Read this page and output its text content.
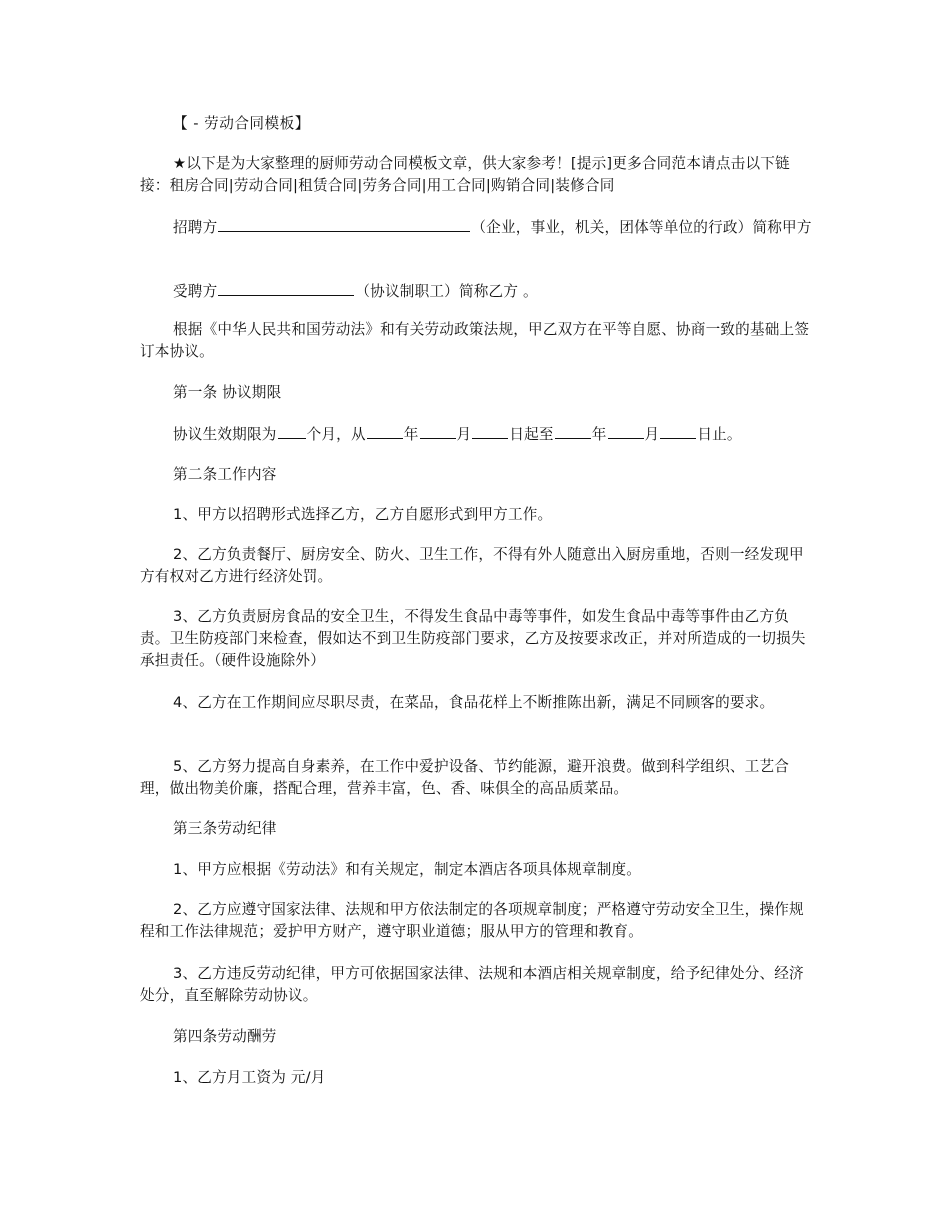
【 - 劳动合同模板】

★以下是为大家整理的厨师劳动合同模板文章，供大家参考！[提示]更多合同范本请点击以下链接：租房合同|劳动合同|租赁合同|劳务合同|用工合同|购销合同|装修合同

招聘方	（企业，事业，机关，团体等单位的行政）简称甲方

受聘方	（协议制职工）简称乙方 。

根据《中华人民共和国劳动法》和有关劳动政策法规，甲乙双方在平等自愿、协商一致的基础上签订本协议。

第一条 协议期限

协议生效期限为 个月，从	年	月	日起至	年	月	日止。

第二条工作内容

1、甲方以招聘形式选择乙方，乙方自愿形式到甲方工作。

2、乙方负责餐厅、厨房安全、防火、卫生工作，不得有外人随意出入厨房重地，否则一经发现甲方有权对乙方进行经济处罚。

3、乙方负责厨房食品的安全卫生，不得发生食品中毒等事件，如发生食品中毒等事件由乙方负责。卫生防疫部门来检查，假如达不到卫生防疫部门要求，乙方及按要求改正，并对所造成的一切损失承担责任。（硬件设施除外）

4、乙方在工作期间应尽职尽责，在菜品，食品花样上不断推陈出新，满足不同顾客的要求。

5、乙方努力提高自身素养，在工作中爱护设备、节约能源，避开浪费。做到科学组织、工艺合理，做出物美价廉，搭配合理，营养丰富，色、香、味俱全的高品质菜品。

第三条劳动纪律

1、甲方应根据《劳动法》和有关规定，制定本酒店各项具体规章制度。

2、乙方应遵守国家法律、法规和甲方依法制定的各项规章制度；严格遵守劳动安全卫生，操作规程和工作法律规范；爱护甲方财产，遵守职业道德；服从甲方的管理和教育。

3、乙方违反劳动纪律，甲方可依据国家法律、法规和本酒店相关规章制度，给予纪律处分、经济处分，直至解除劳动协议。

第四条劳动酬劳

1、乙方月工资为 元/月
